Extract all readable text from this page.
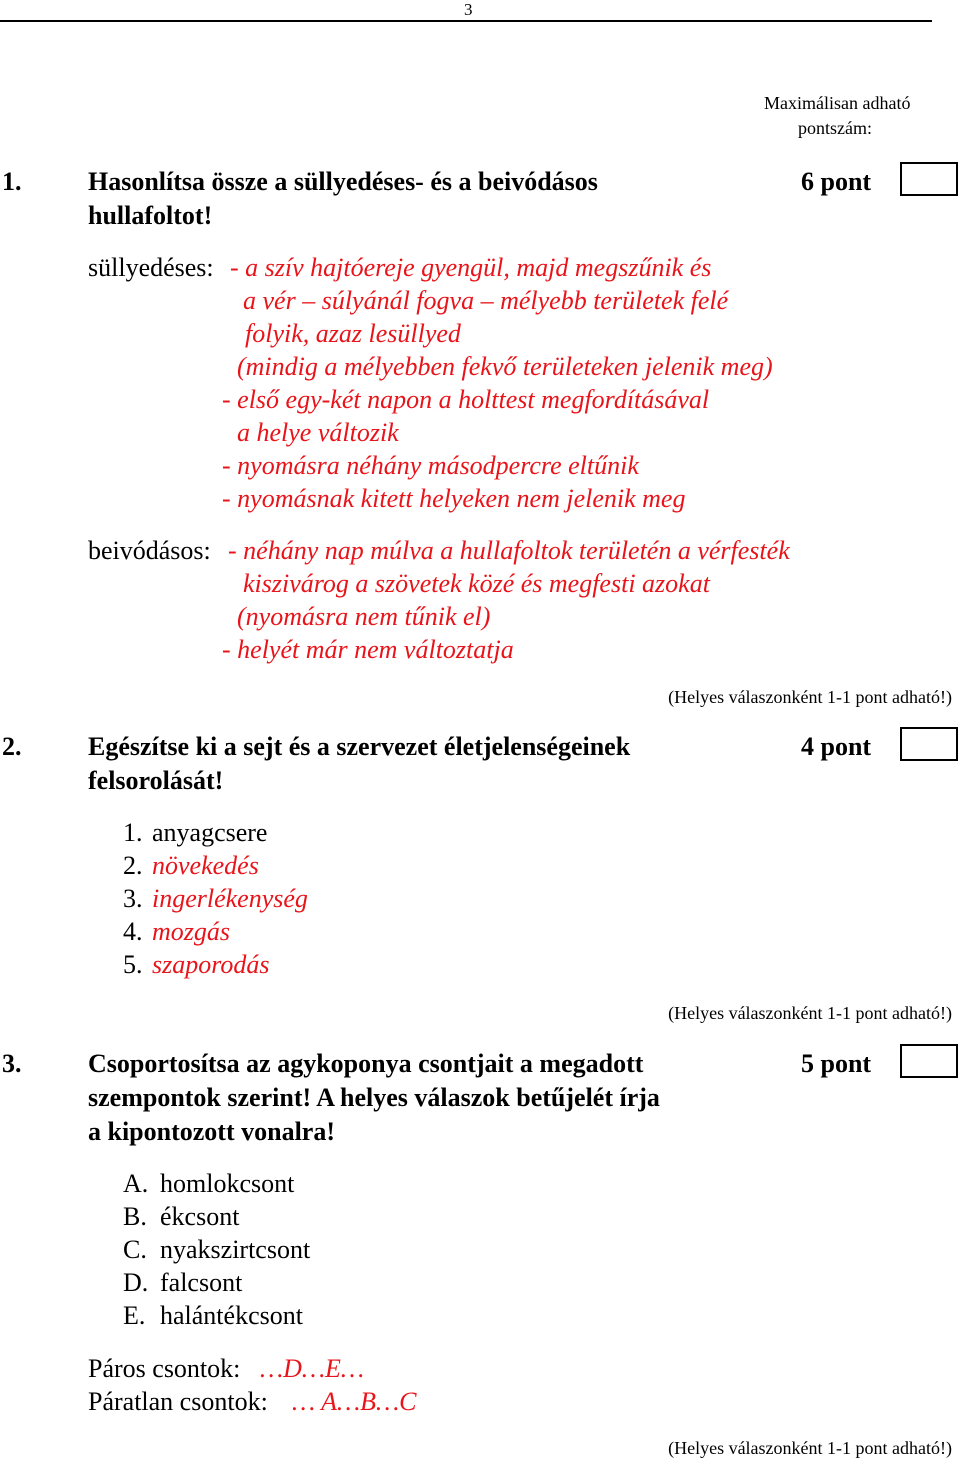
3
Maximálisan adható
pontszám:
1.	Hasonlítsa össze a süllyedéses- és a beivódásos
hullafoltot!
6 pont
süllyedéses: - a szív hajtóereje gyengül, majd megszűnik és
a vér – súlyánál fogva – mélyebb területek felé
folyik, azaz lesüllyed
(mindig a mélyebben fekvő területeken jelenik meg)
- első egy-két napon a holttest megfordításával
a helye változik
- nyomásra néhány másodpercre eltűnik
- nyomásnak kitett helyeken nem jelenik meg
beivódásos: - néhány nap múlva a hullafoltok területén a vérfesték
kiszivárog a szövetek közé és megfesti azokat
(nyomásra nem tűnik el)
- helyét már nem változtatja
(Helyes válaszonként 1-1 pont adható!)
2.	Egészítse ki a sejt és a szervezet életjelenségeinek
felsorolását!
4 pont
1. anyagcsere
2. növekedés
3. ingerlékenység
4. mozgás
5. szaporodás
(Helyes válaszonként 1-1 pont adható!)
3.	Csoportosítsa az agykoponya csontjait a megadott
szempontok szerint! A helyes válaszok betűjelét írja
a kipontozott vonalra!
5 pont
A. homlokcsont
B. ékcsont
C. nyakszirtcsont
D. falcsont
E. halántékcsont
Páros csontok: …D…E…
Páratlan csontok: … A…B…C
(Helyes válaszonként 1-1 pont adható!)
